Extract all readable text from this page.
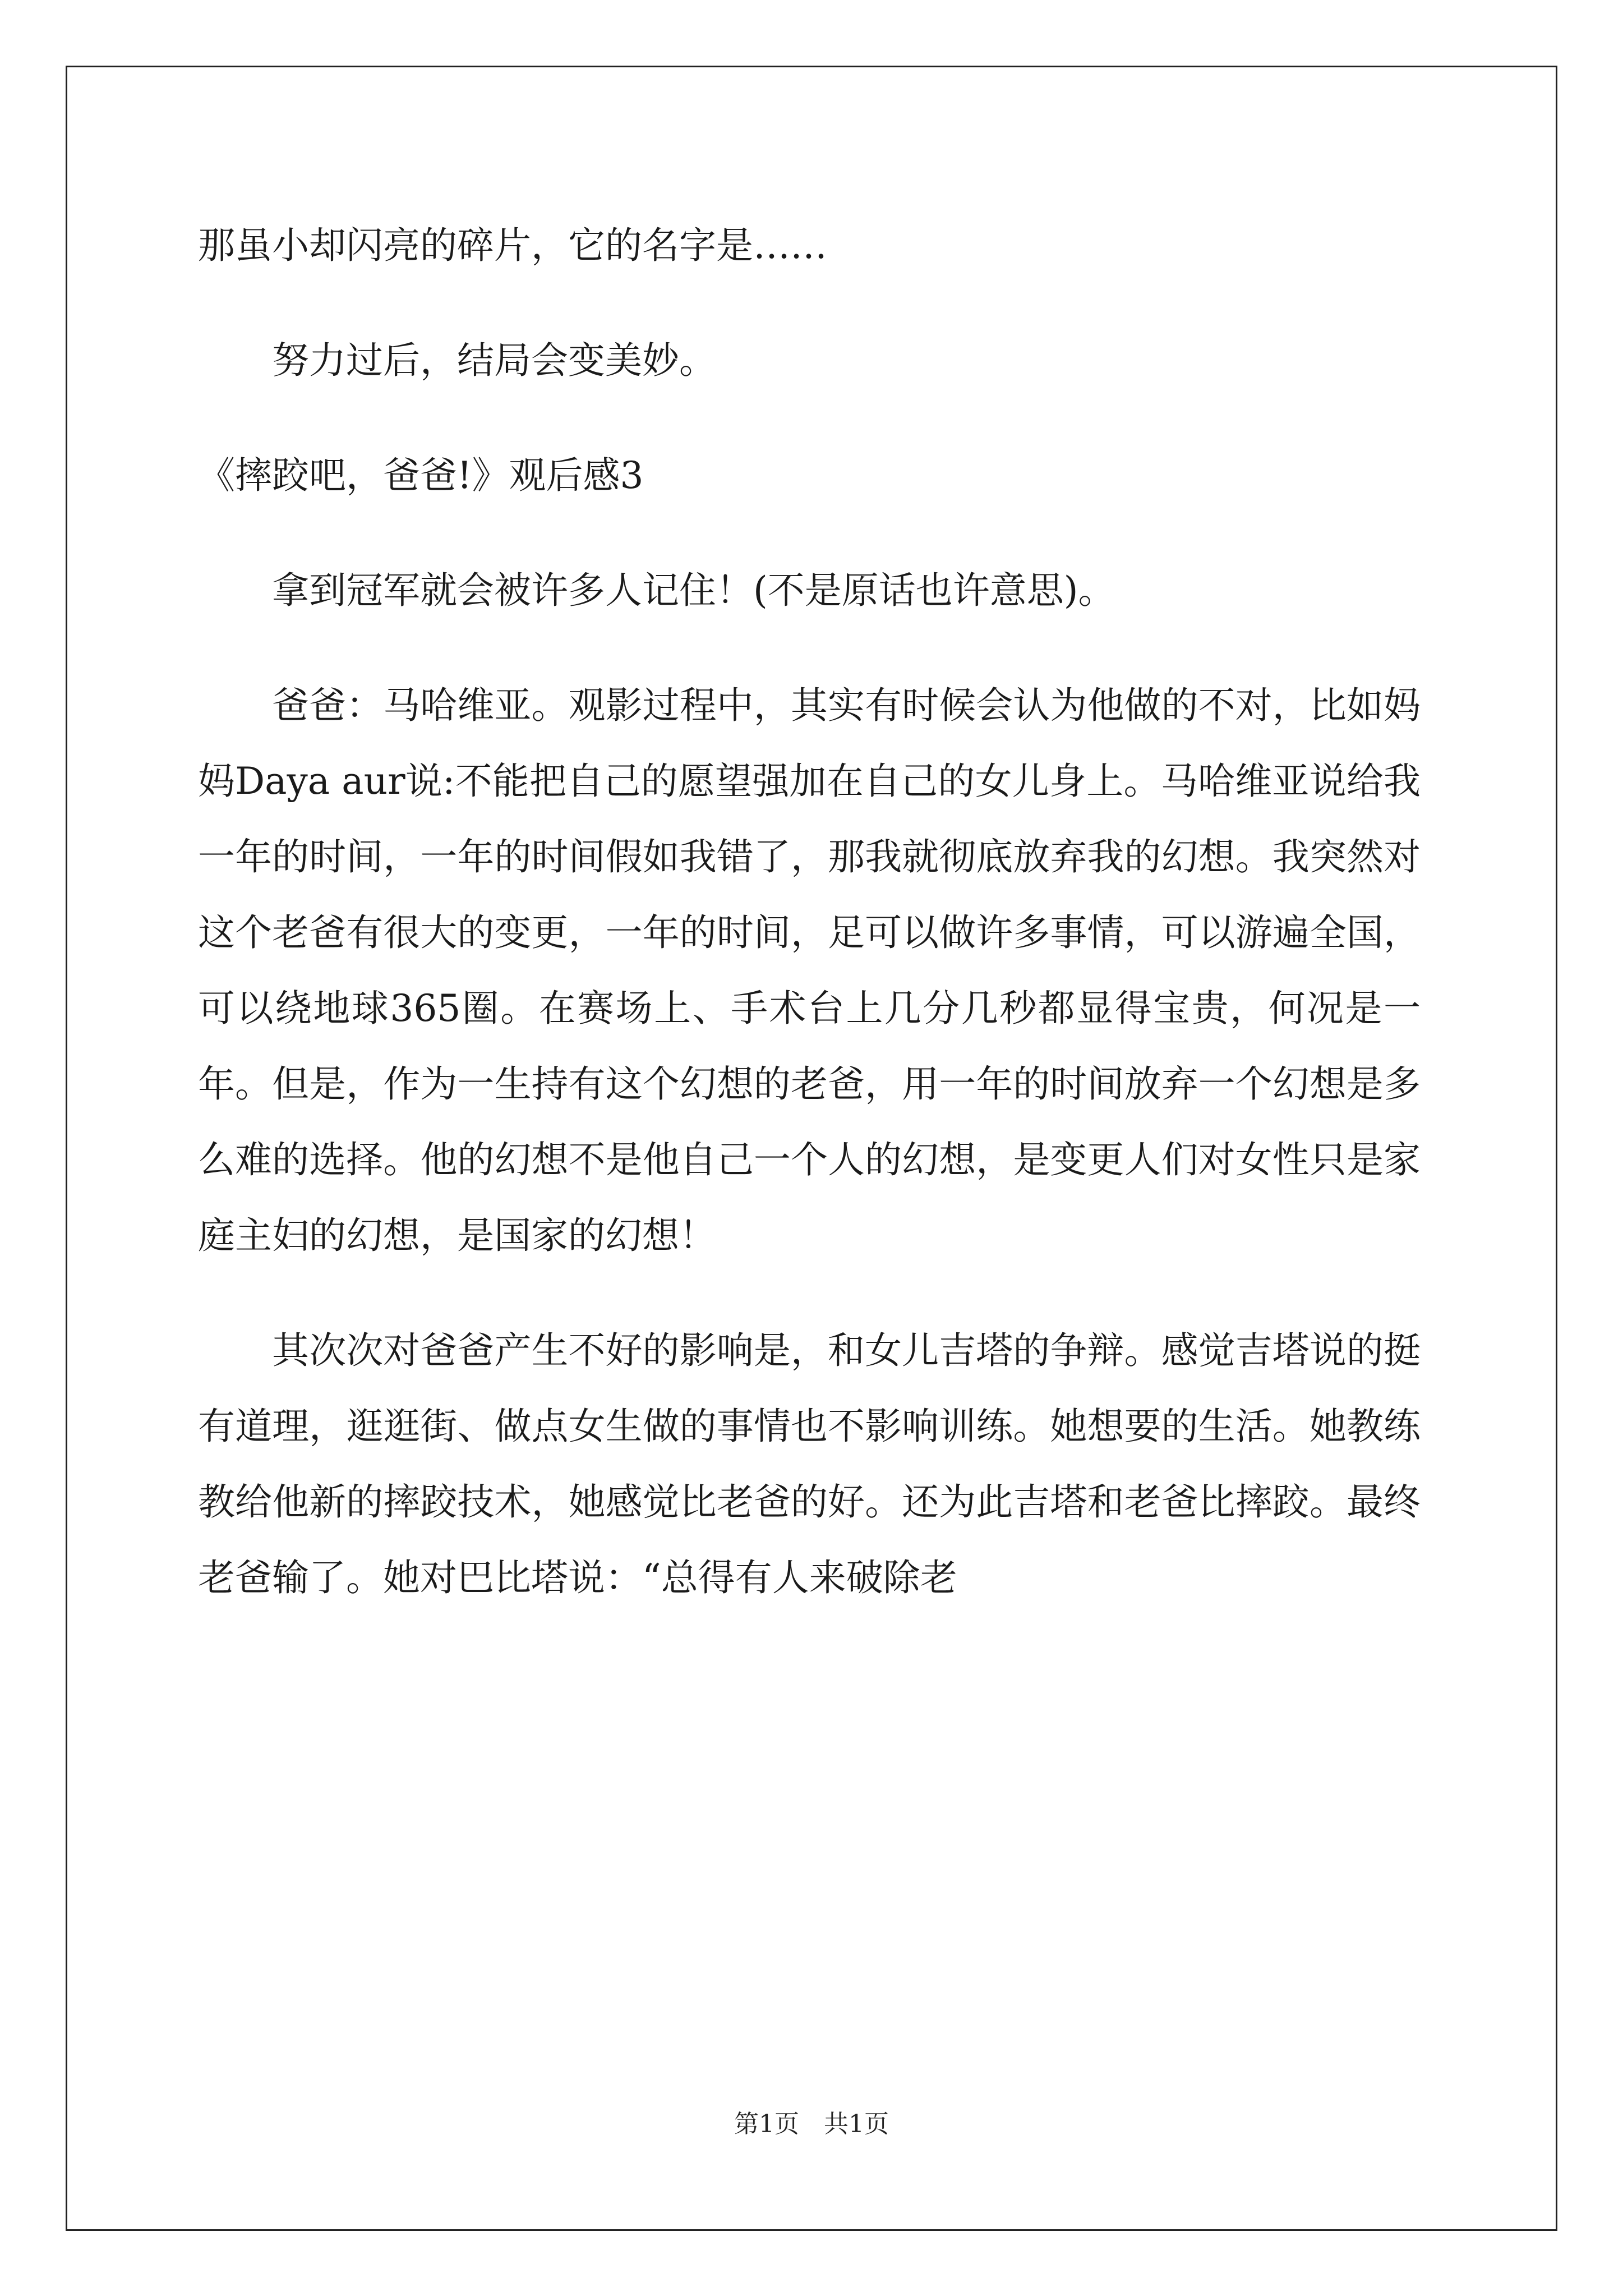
那虽小却闪亮的碎片，它的名字是……
努力过后，结局会变美妙。
《摔跤吧，爸爸!》观后感3
拿到冠军就会被许多人记住！(不是原话也许意思)。
爸爸：马哈维亚。观影过程中，其实有时候会认为他做的不对，比如妈妈Daya aur说:不能把自己的愿望强加在自己的女儿身上。马哈维亚说给我一年的时间，一年的时间假如我错了，那我就彻底放弃我的幻想。我突然对这个老爸有很大的变更，一年的时间，足可以做许多事情，可以游遍全国，可以绕地球365圈。在赛场上、手术台上几分几秒都显得宝贵，何况是一年。但是，作为一生持有这个幻想的老爸，用一年的时间放弃一个幻想是多么难的选择。他的幻想不是他自己一个人的幻想，是变更人们对女性只是家庭主妇的幻想，是国家的幻想！
其次次对爸爸产生不好的影响是，和女儿吉塔的争辩。感觉吉塔说的挺有道理，逛逛街、做点女生做的事情也不影响训练。她想要的生活。她教练教给他新的摔跤技术，她感觉比老爸的好。还为此吉塔和老爸比摔跤。最终老爸输了。她对巴比塔说：“总得有人来破除老
第1页　共1页
